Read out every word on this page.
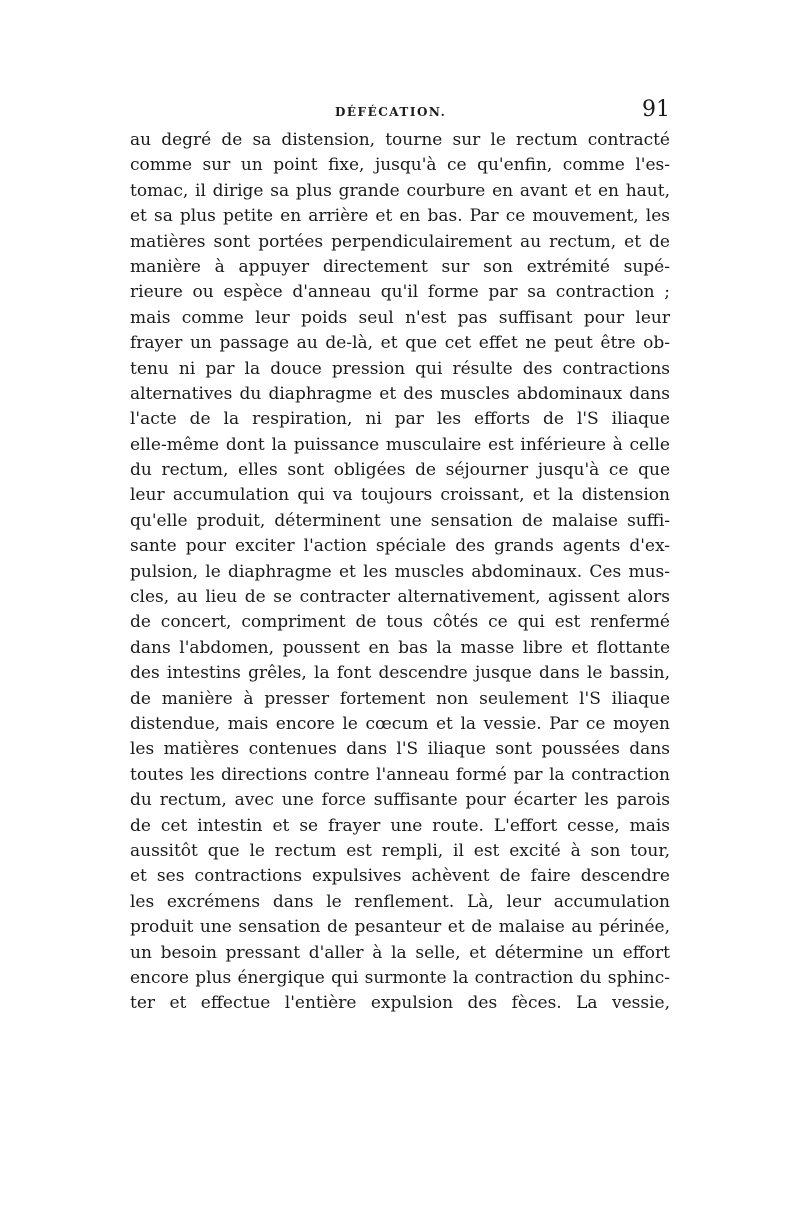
DÉFÉCATION.	91
au degré de sa distension, tourne sur le rectum contracté
comme sur un point fixe, jusqu'à ce qu'enfin, comme l'es-
tomac, il dirige sa plus grande courbure en avant et en haut,
et sa plus petite en arrière et en bas. Par ce mouvement, les
matières sont portées perpendiculairement au rectum, et de
manière à appuyer directement sur son extrémité supé-
rieure ou espèce d'anneau qu'il forme par sa contraction ;
mais comme leur poids seul n'est pas suffisant pour leur
frayer un passage au de-là, et que cet effet ne peut être ob-
tenu ni par la douce pression qui résulte des contractions
alternatives du diaphragme et des muscles abdominaux dans
l'acte de la respiration, ni par les efforts de l'S iliaque
elle-même dont la puissance musculaire est inférieure à celle
du rectum, elles sont obligées de séjourner jusqu'à ce que
leur accumulation qui va toujours croissant, et la distension
qu'elle produit, déterminent une sensation de malaise suffi-
sante pour exciter l'action spéciale des grands agents d'ex-
pulsion, le diaphragme et les muscles abdominaux. Ces mus-
cles, au lieu de se contracter alternativement, agissent alors
de concert, compriment de tous côtés ce qui est renfermé
dans l'abdomen, poussent en bas la masse libre et flottante
des intestins grêles, la font descendre jusque dans le bassin,
de manière à presser fortement non seulement l'S iliaque
distendue, mais encore le cœcum et la vessie. Par ce moyen
les matières contenues dans l'S iliaque sont poussées dans
toutes les directions contre l'anneau formé par la contraction
du rectum, avec une force suffisante pour écarter les parois
de cet intestin et se frayer une route. L'effort cesse, mais
aussitôt que le rectum est rempli, il est excité à son tour,
et ses contractions expulsives achèvent de faire descendre
les excrémens dans le renflement. Là, leur accumulation
produit une sensation de pesanteur et de malaise au périnée,
un besoin pressant d'aller à la selle, et détermine un effort
encore plus énergique qui surmonte la contraction du sphinc-
ter et effectue l'entière expulsion des fèces. La vessie,
